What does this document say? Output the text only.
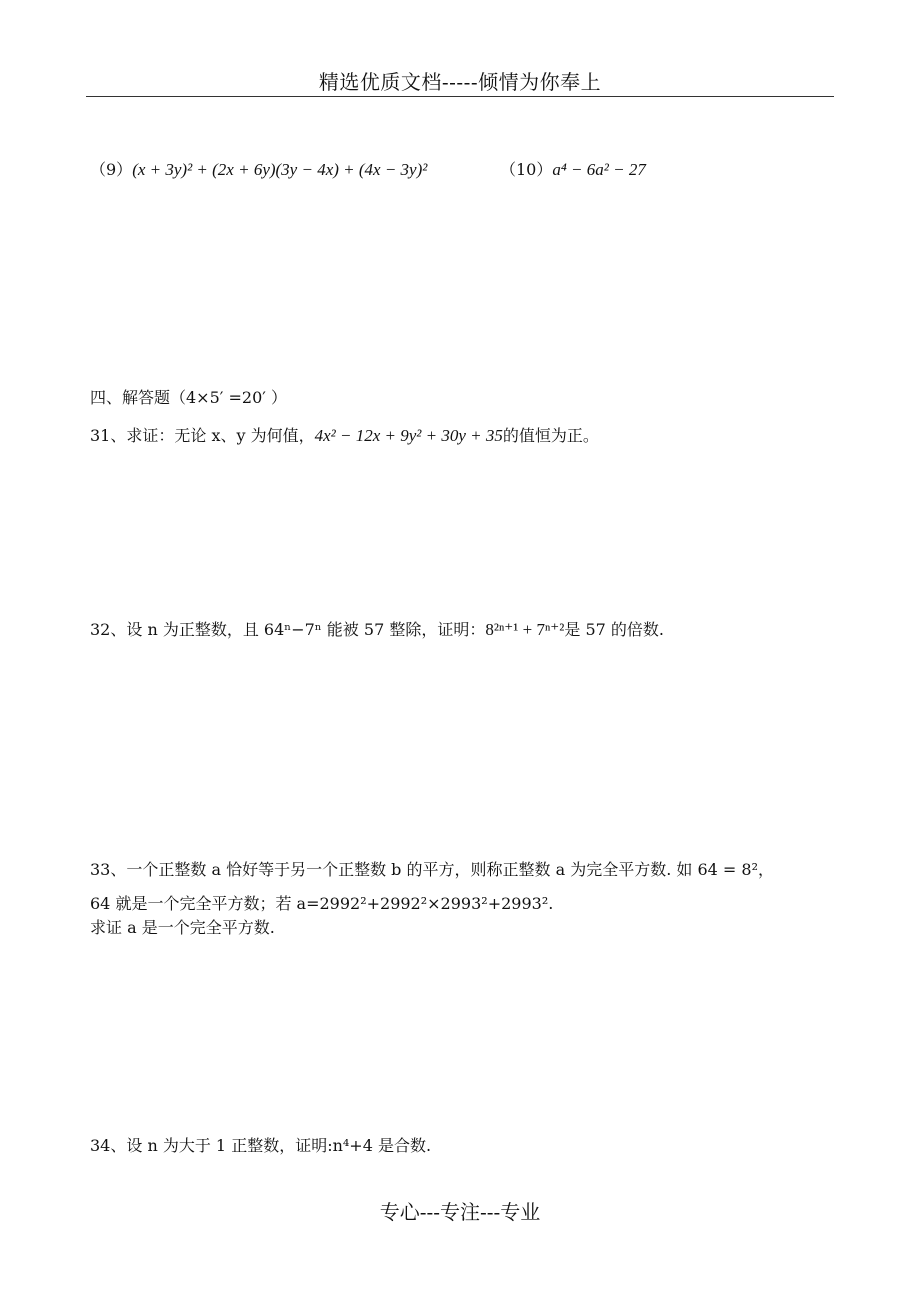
精选优质文档-----倾情为你奉上
（9）(x + 3y)² + (2x + 6y)(3y − 4x) + (4x − 3y)²	（10）a⁴ − 6a² − 27
四、解答题（4×5′ =20′ ）
31、求证：无论 x、y 为何值，4x² − 12x + 9y² + 30y + 35的值恒为正。
32、设 n 为正整数，且 64ⁿ−7ⁿ 能被 57 整除，证明：8²ⁿ⁺¹ + 7ⁿ⁺²是 57 的倍数.
33、一个正整数 a 恰好等于另一个正整数 b 的平方，则称正整数 a 为完全平方数. 如 64 = 8²，
64 就是一个完全平方数；若 a=2992²+2992²×2993²+2993².
求证 a 是一个完全平方数.
34、设 n 为大于 1 正整数，证明:n⁴+4 是合数.
专心---专注---专业
